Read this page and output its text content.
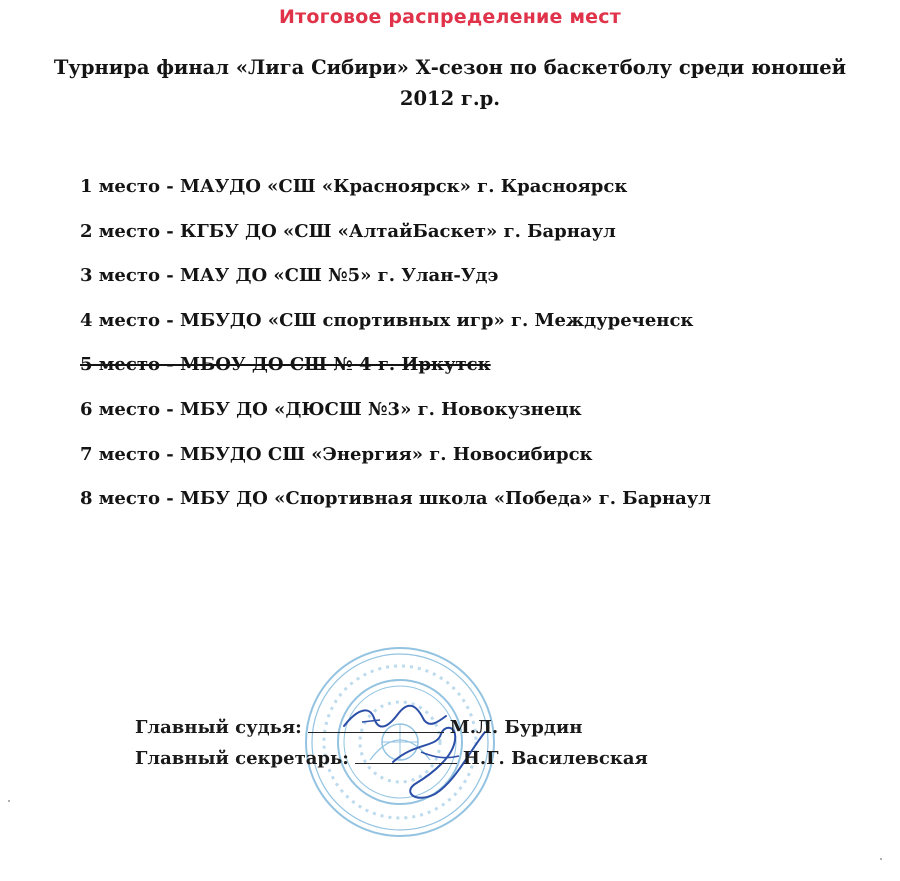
Итоговое распределение мест
Турнира финал «Лига Сибири» Х-сезон по баскетболу среди юношей
2012 г.р.
1 место - МАУДО «СШ «Красноярск» г. Красноярск
2 место - КГБУ ДО «СШ «АлтайБаскет» г. Барнаул
3 место - МАУ ДО «СШ №5» г. Улан-Удэ
4 место - МБУДО «СШ спортивных игр» г. Междуреченск
5 место - МБОУ ДО СШ № 4 г. Иркутск
6 место - МБУ ДО «ДЮСШ №3» г. Новокузнецк
7 место - МБУДО СШ «Энергия» г. Новосибирск
8 место - МБУ ДО «Спортивная школа «Победа» г. Барнаул
Главный судья:	М.Л. Бурдин
Главный секретарь:	Н.Г. Василевская
